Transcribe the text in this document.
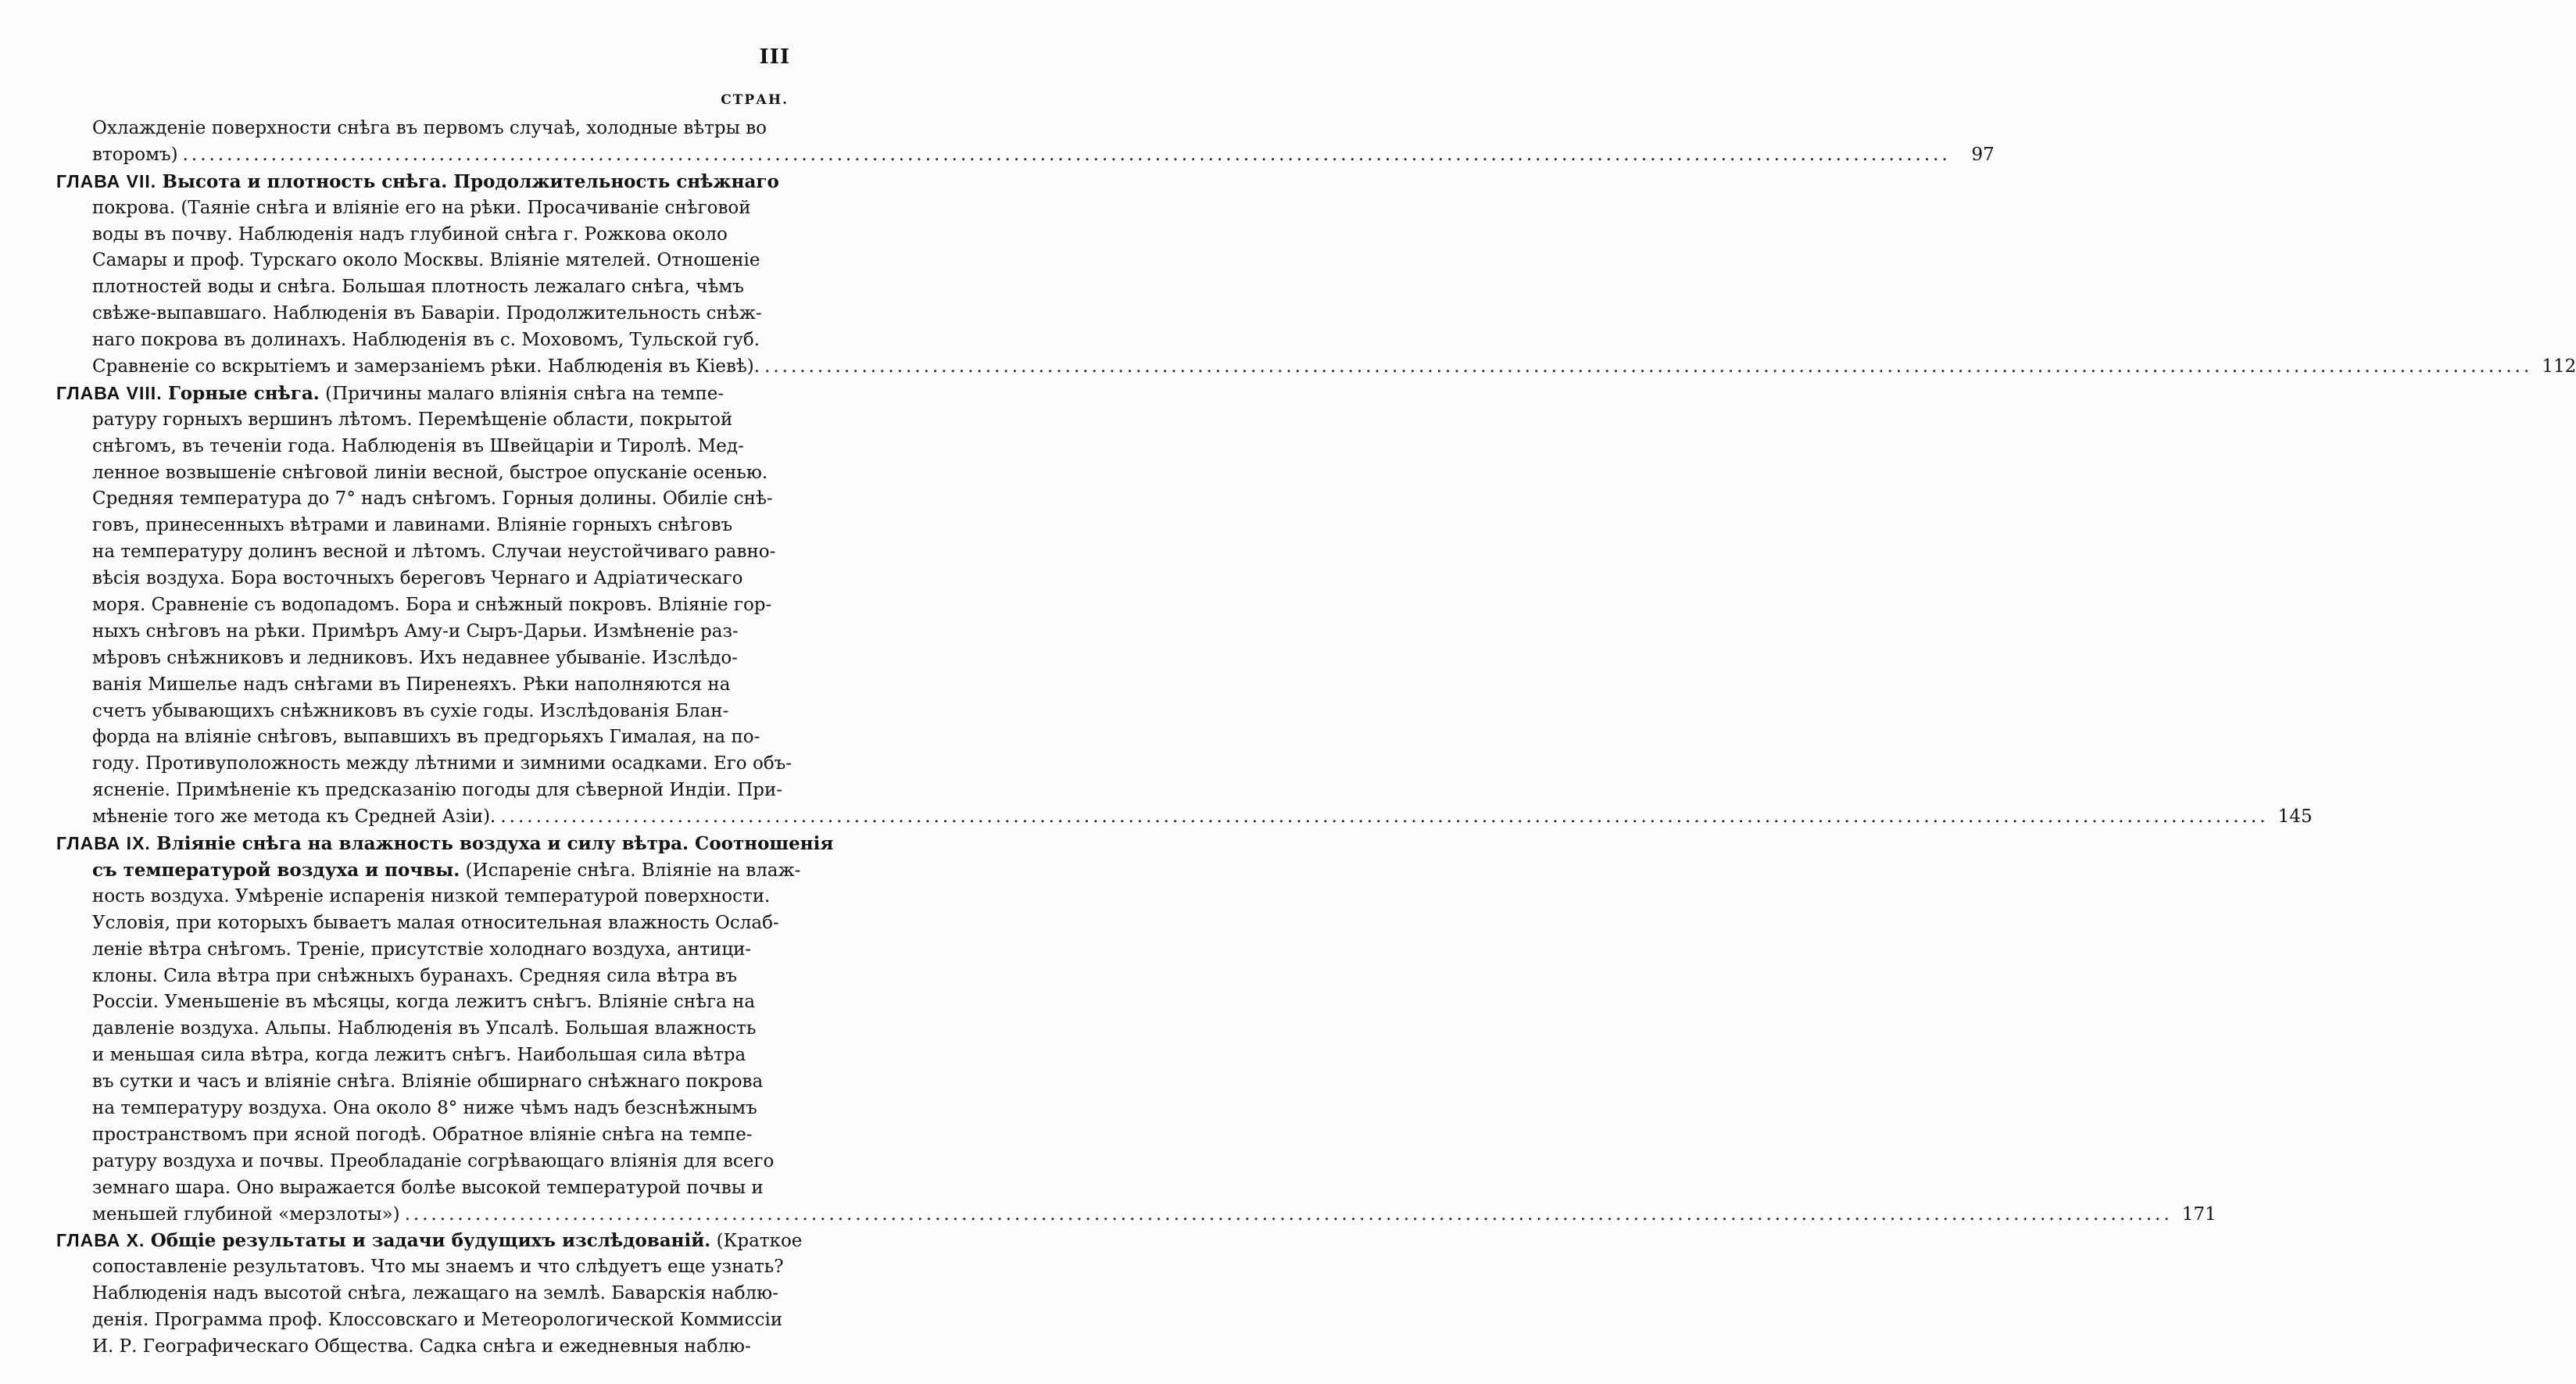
III
СТРАН.
Охлажденіе поверхности снѣга въ первомъ случаѣ, холодные вѣтры во
второмъ) ........................................................................................................................................................................................................	97
ГЛАВА VII. Высота и плотность снѣга. Продолжительность снѣжнаго
покрова. (Таяніе снѣга и вліяніе его на рѣки. Просачиваніе снѣговой
воды въ почву. Наблюденія надъ глубиной снѣга г. Рожкова около
Самары и проф. Турскаго около Москвы. Вліяніе мятелей. Отношеніе
плотностей воды и снѣга. Большая плотность лежалаго снѣга, чѣмъ
свѣже-выпавшаго. Наблюденія въ Баваріи. Продолжительность снѣж-
наго покрова въ долинахъ. Наблюденія въ с. Моховомъ, Тульской губ.
Сравненіе со вскрытіемъ и замерзаніемъ рѣки. Наблюденія въ Кіевѣ). ........................................................................................................................................................................................................ 112
ГЛАВА VIII. Горные снѣга. (Причины малаго вліянія снѣга на темпе-
ратуру горныхъ вершинъ лѣтомъ. Перемѣщеніе области, покрытой
снѣгомъ, въ теченіи года. Наблюденія въ Швейцаріи и Тиролѣ. Мед-
ленное возвышеніе снѣговой линіи весной, быстрое опусканіе осенью.
Средняя температура до 7° надъ снѣгомъ. Горныя долины. Обиліе снѣ-
говъ, принесенныхъ вѣтрами и лавинами. Вліяніе горныхъ снѣговъ
на температуру долинъ весной и лѣтомъ. Случаи неустойчиваго равно-
вѣсія воздуха. Бора восточныхъ береговъ Чернаго и Адріатическаго
моря. Сравненіе съ водопадомъ. Бора и снѣжный покровъ. Вліяніе гор-
ныхъ снѣговъ на рѣки. Примѣръ Аму-и Сыръ-Дарьи. Измѣненіе раз-
мѣровъ снѣжниковъ и ледниковъ. Ихъ недавнее убываніе. Изслѣдо-
ванія Мишелье надъ снѣгами въ Пиренеяхъ. Рѣки наполняются на
счетъ убывающихъ снѣжниковъ въ сухіе годы. Изслѣдованія Блан-
форда на вліяніе снѣговъ, выпавшихъ въ предгорьяхъ Гималая, на по-
году. Противуположность между лѣтними и зимними осадками. Его объ-
ясненіе. Примѣненіе къ предсказанію погоды для сѣверной Индіи. При-
мѣненіе того же метода къ Средней Азіи). ........................................................................................................................................................................................................ 145
ГЛАВА IX. Вліяніе снѣга на влажность воздуха и силу вѣтра. Соотношенія
съ температурой воздуха и почвы. (Испареніе снѣга. Вліяніе на влаж-
ность воздуха. Умѣреніе испаренія низкой температурой поверхности.
Условія, при которыхъ бываетъ малая относительная влажность Ослаб-
леніе вѣтра снѣгомъ. Треніе, присутствіе холоднаго воздуха, антици-
клоны. Сила вѣтра при снѣжныхъ буранахъ. Средняя сила вѣтра въ
Россіи. Уменьшеніе въ мѣсяцы, когда лежитъ снѣгъ. Вліяніе снѣга на
давленіе воздуха. Альпы. Наблюденія въ Упсалѣ. Большая влажность
и меньшая сила вѣтра, когда лежитъ снѣгъ. Наибольшая сила вѣтра
въ сутки и часъ и вліяніе снѣга. Вліяніе обширнаго снѣжнаго покрова
на температуру воздуха. Она около 8° ниже чѣмъ надъ безснѣжнымъ
пространствомъ при ясной погодѣ. Обратное вліяніе снѣга на темпе-
ратуру воздуха и почвы. Преобладаніе согрѣвающаго вліянія для всего
земнаго шара. Оно выражается болѣе высокой температурой почвы и
меньшей глубиной «мерзлоты») ........................................................................................................................................................................................................ 171
ГЛАВА X. Общіе результаты и задачи будущихъ изслѣдованій. (Краткое
сопоставленіе результатовъ. Что мы знаемъ и что слѣдуетъ еще узнать?
Наблюденія надъ высотой снѣга, лежащаго на землѣ. Баварскія наблю-
денія. Программа проф. Клоссовскаго и Метеорологической Коммиссіи
И. Р. Географическаго Общества. Садка снѣга и ежедневныя наблю-
